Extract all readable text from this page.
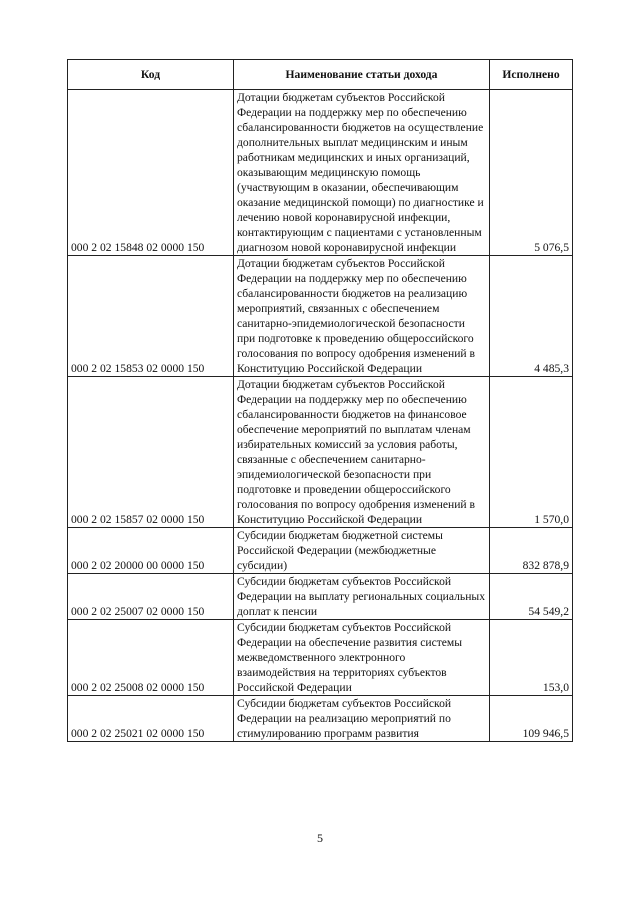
Код	Наименование статьи дохода	Исполнено
000 2 02 15848 02 0000 150	Дотации бюджетам субъектов Российской Федерации на поддержку мер по обеспечению сбалансированности бюджетов на осуществление дополнительных выплат медицинским и иным работникам медицинских и иных организаций, оказывающим медицинскую помощь (участвующим в оказании, обеспечивающим оказание медицинской помощи) по диагностике и лечению новой коронавирусной инфекции, контактирующим с пациентами с установленным диагнозом новой коронавирусной инфекции	5 076,5
000 2 02 15853 02 0000 150	Дотации бюджетам субъектов Российской Федерации на поддержку мер по обеспечению сбалансированности бюджетов на реализацию мероприятий, связанных с обеспечением санитарно-эпидемиологической безопасности при подготовке к проведению общероссийского голосования по вопросу одобрения изменений в Конституцию Российской Федерации	4 485,3
000 2 02 15857 02 0000 150	Дотации бюджетам субъектов Российской Федерации на поддержку мер по обеспечению сбалансированности бюджетов на финансовое обеспечение мероприятий по выплатам членам избирательных комиссий за условия работы, связанные с обеспечением санитарно-эпидемиологической безопасности при подготовке и проведении общероссийского голосования по вопросу одобрения изменений в Конституцию Российской Федерации	1 570,0
000 2 02 20000 00 0000 150	Субсидии бюджетам бюджетной системы Российской Федерации (межбюджетные субсидии)	832 878,9
000 2 02 25007 02 0000 150	Субсидии бюджетам субъектов Российской Федерации на выплату региональных социальных доплат к пенсии	54 549,2
000 2 02 25008 02 0000 150	Субсидии бюджетам субъектов Российской Федерации на обеспечение развития системы межведомственного электронного взаимодействия на территориях субъектов Российской Федерации	153,0
000 2 02 25021 02 0000 150	Субсидии бюджетам субъектов Российской Федерации на реализацию мероприятий по стимулированию программ развития	109 946,5
5
